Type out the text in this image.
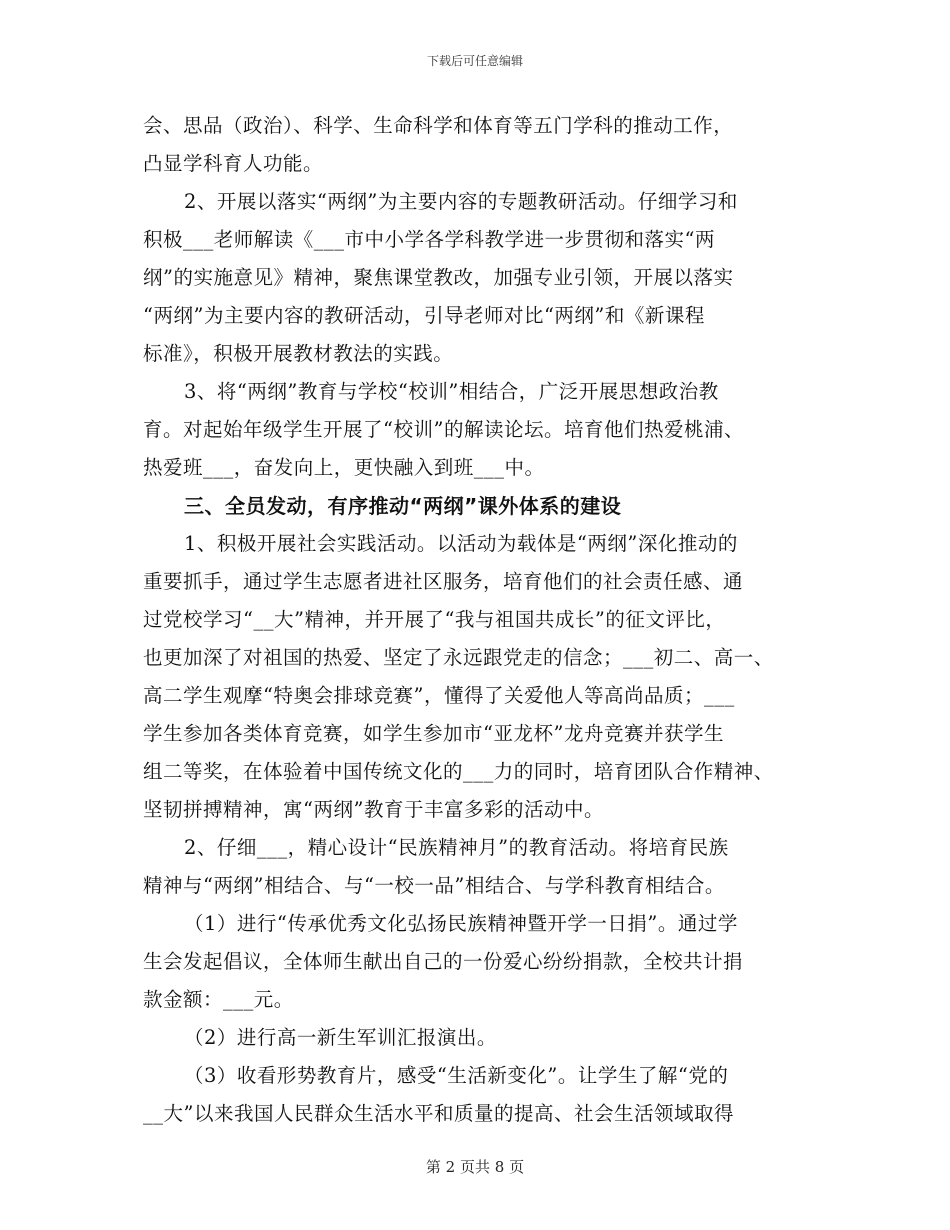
下载后可任意编辑
会、思品（政治）、科学、生命科学和体育等五门学科的推动工作，
凸显学科育人功能。
2、开展以落实“两纲”为主要内容的专题教研活动。仔细学习和
积极___老师解读《___市中小学各学科教学进一步贯彻和落实“两
纲”的实施意见》精神，聚焦课堂教改，加强专业引领，开展以落实
“两纲”为主要内容的教研活动，引导老师对比“两纲”和《新课程
标准》，积极开展教材教法的实践。
3、将“两纲”教育与学校“校训”相结合，广泛开展思想政治教
育。对起始年级学生开展了“校训”的解读论坛。培育他们热爱桃浦、
热爱班___，奋发向上，更快融入到班___中。
三、全员发动，有序推动“两纲”课外体系的建设
1、积极开展社会实践活动。以活动为载体是“两纲”深化推动的
重要抓手，通过学生志愿者进社区服务，培育他们的社会责任感、通
过党校学习“__大”精神，并开展了“我与祖国共成长”的征文评比，
也更加深了对祖国的热爱、坚定了永远跟党走的信念；___初二、高一、
高二学生观摩“特奥会排球竞赛”，懂得了关爱他人等高尚品质；___
学生参加各类体育竞赛，如学生参加市“亚龙杯”龙舟竞赛并获学生
组二等奖，在体验着中国传统文化的___力的同时，培育团队合作精神、
坚韧拼搏精神，寓“两纲”教育于丰富多彩的活动中。
2、仔细___，精心设计“民族精神月”的教育活动。将培育民族
精神与“两纲”相结合、与“一校一品”相结合、与学科教育相结合。
（1）进行“传承优秀文化弘扬民族精神暨开学一日捐”。通过学
生会发起倡议，全体师生献出自己的一份爱心纷纷捐款，全校共计捐
款金额：___元。
（2）进行高一新生军训汇报演出。
（3）收看形势教育片，感受“生活新变化”。让学生了解“党的
__大”以来我国人民群众生活水平和质量的提高、社会生活领域取得
第 2 页共 8 页
